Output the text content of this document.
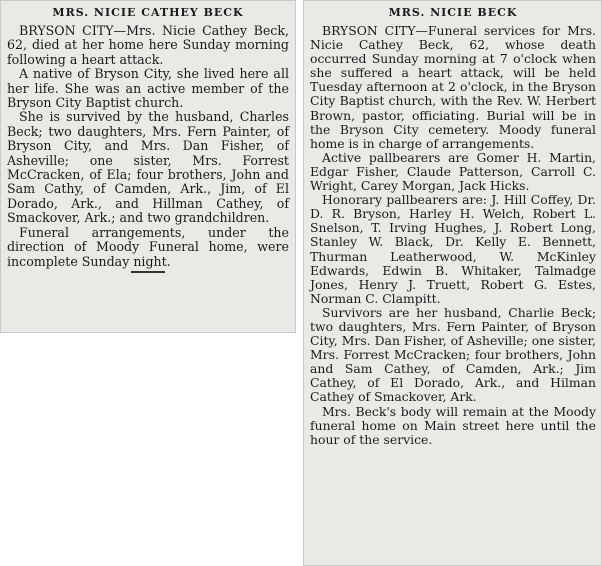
MRS. NICIE CATHEY BECK

BRYSON CITY—Mrs. Nicie Cathey Beck, 62, died at her home here Sunday morning following a heart attack.

A native of Bryson City, she lived here all her life. She was an active member of the Bryson City Baptist church.

She is survived by the husband, Charles Beck; two daughters, Mrs. Fern Painter, of Bryson City, and Mrs. Dan Fisher, of Asheville; one sister, Mrs. Forrest McCracken, of Ela; four brothers, John and Sam Cathy, of Camden, Ark., Jim, of El Dorado, Ark., and Hillman Cathey, of Smackover, Ark.; and two grandchildren.

Funeral arrangements, under the direction of Moody Funeral home, were incomplete Sunday night.

MRS. NICIE BECK

BRYSON CITY—Funeral services for Mrs. Nicie Cathey Beck, 62, whose death occurred Sunday morning at 7 o'clock when she suffered a heart attack, will be held Tuesday afternoon at 2 o'clock, in the Bryson City Baptist church, with the Rev. W. Herbert Brown, pastor, officiating. Burial will be in the Bryson City cemetery. Moody funeral home is in charge of arrangements.

Active pallbearers are Gomer H. Martin, Edgar Fisher, Claude Patterson, Carroll C. Wright, Carey Morgan, Jack Hicks.

Honorary pallbearers are: J. Hill Coffey, Dr. D. R. Bryson, Harley H. Welch, Robert L. Snelson, T. Irving Hughes, J. Robert Long, Stanley W. Black, Dr. Kelly E. Bennett, Thurman Leatherwood, W. McKinley Edwards, Edwin B. Whitaker, Talmadge Jones, Henry J. Truett, Robert G. Estes, Norman C. Clampitt.

Survivors are her husband, Charlie Beck; two daughters, Mrs. Fern Painter, of Bryson City, Mrs. Dan Fisher, of Asheville; one sister, Mrs. Forrest McCracken; four brothers, John and Sam Cathey, of Camden, Ark.; Jim Cathey, of El Dorado, Ark., and Hilman Cathey of Smackover, Ark.

Mrs. Beck's body will remain at the Moody funeral home on Main street here until the hour of the service.
